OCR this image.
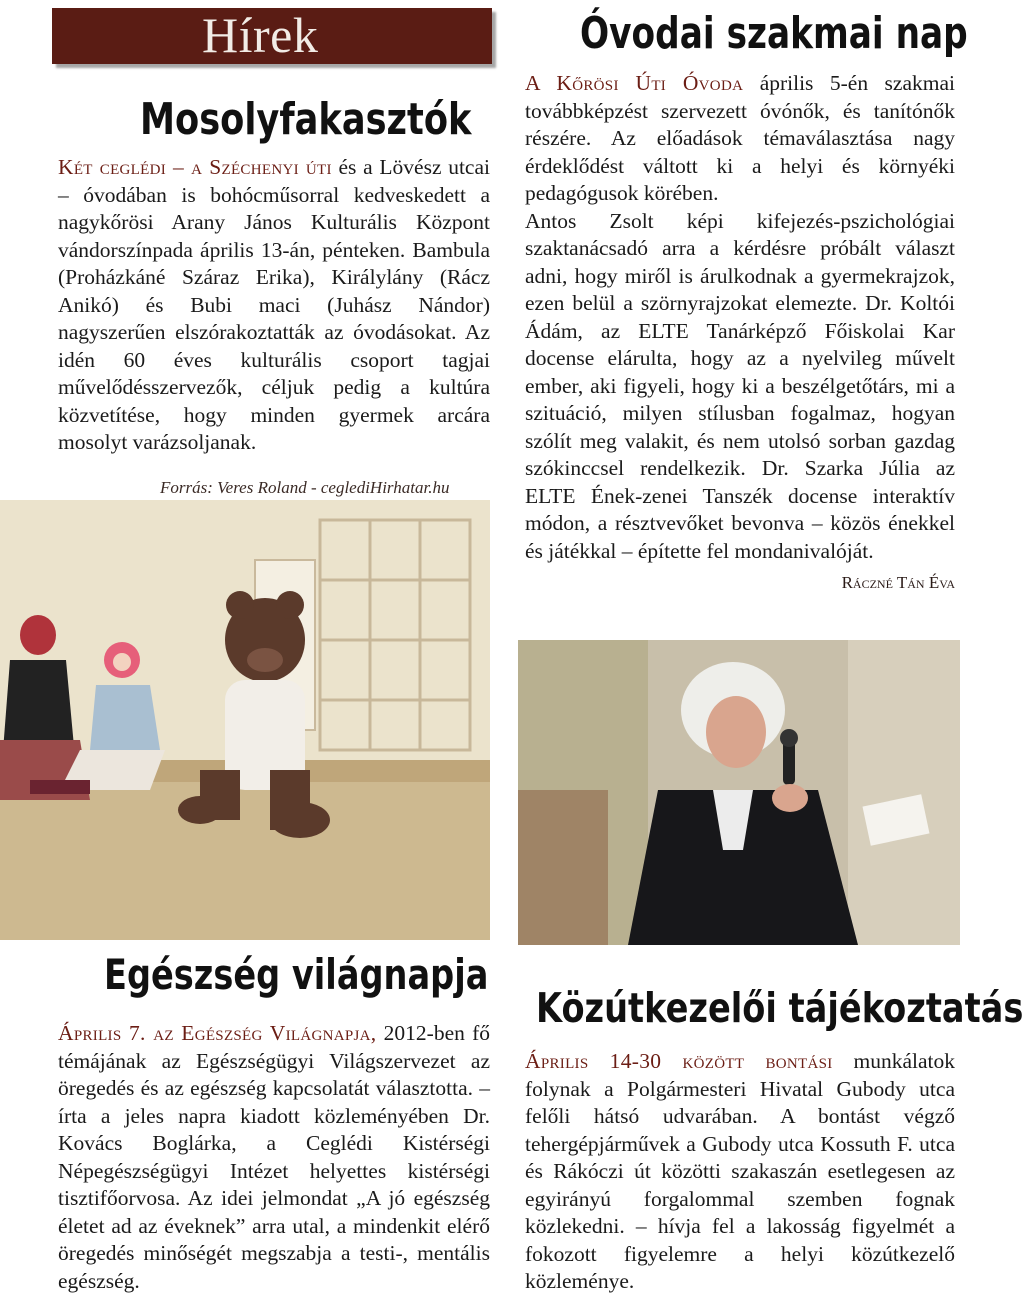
Hírek
Mosolyfakasztók
Két ceglédi – a Széchenyi úti és a Lövész utcai – óvodában is bohócműsorral kedveskedett a nagykőrösi Arany János Kulturális Központ vándorszínpada április 13-án, pénteken. Bambula (Proházkáné Száraz Erika), Királylány (Rácz Anikó) és Bubi maci (Juhász Nándor) nagyszerűen elszórakoztatták az óvodásokat. Az idén 60 éves kulturális csoport tagjai művelődésszervezők, céljuk pedig a kultúra közvetítése, hogy minden gyermek arcára mosolyt varázsoljanak.
Forrás: Veres Roland - ceglediHirhatar.hu
Óvodai szakmai nap
A Kőrösi Úti Óvoda április 5-én szakmai továbbképzést szervezett óvónők, és tanítónők részére. Az előadások témaválasztása nagy érdeklődést váltott ki a helyi és környéki pedagógusok körében.
Antos Zsolt képi kifejezés-pszichológiai szaktanácsadó arra a kérdésre próbált választ adni, hogy miről is árulkodnak a gyermekrajzok, ezen belül a szörnyrajzokat elemezte. Dr. Koltói Ádám, az ELTE Tanárképző Főiskolai Kar docense elárulta, hogy az a nyelvileg művelt ember, aki figyeli, hogy ki a beszélgetőtárs, mi a szituáció, milyen stílusban fogalmaz, hogyan szólít meg valakit, és nem utolsó sorban gazdag szókinccsel rendelkezik. Dr. Szarka Júlia az ELTE Ének-zenei Tanszék docense interaktív módon, a résztvevőket bevonva – közös énekkel és játékkal – építette fel mondanivalóját.
Ráczné Tán Éva
Egészség világnapja
Április 7. az Egészség Világnapja, 2012-ben fő témájának az Egészségügyi Világszervezet az öregedés és az egészség kapcsolatát választotta. – írta a jeles napra kiadott közleményében Dr. Kovács Boglárka, a Ceglédi Kistérségi Népegészségügyi Intézet helyettes kistérségi tisztifőorvosa. Az idei jelmondat „A jó egészség életet ad az éveknek” arra utal, a mindenkit elérő öregedés minőségét megszabja a testi-, mentális egészség.
Közútkezelői tájékoztatás
Április 14-30 között bontási munkálatok folynak a Polgármesteri Hivatal Gubody utca felőli hátsó udvarában. A bontást végző tehergépjárművek a Gubody utca Kossuth F. utca és Rákóczi út közötti szakaszán esetlegesen az egyirányú forgalommal szemben fognak közlekedni. – hívja fel a lakosság figyelmét a fokozott figyelemre a helyi közútkezelő közleménye.
